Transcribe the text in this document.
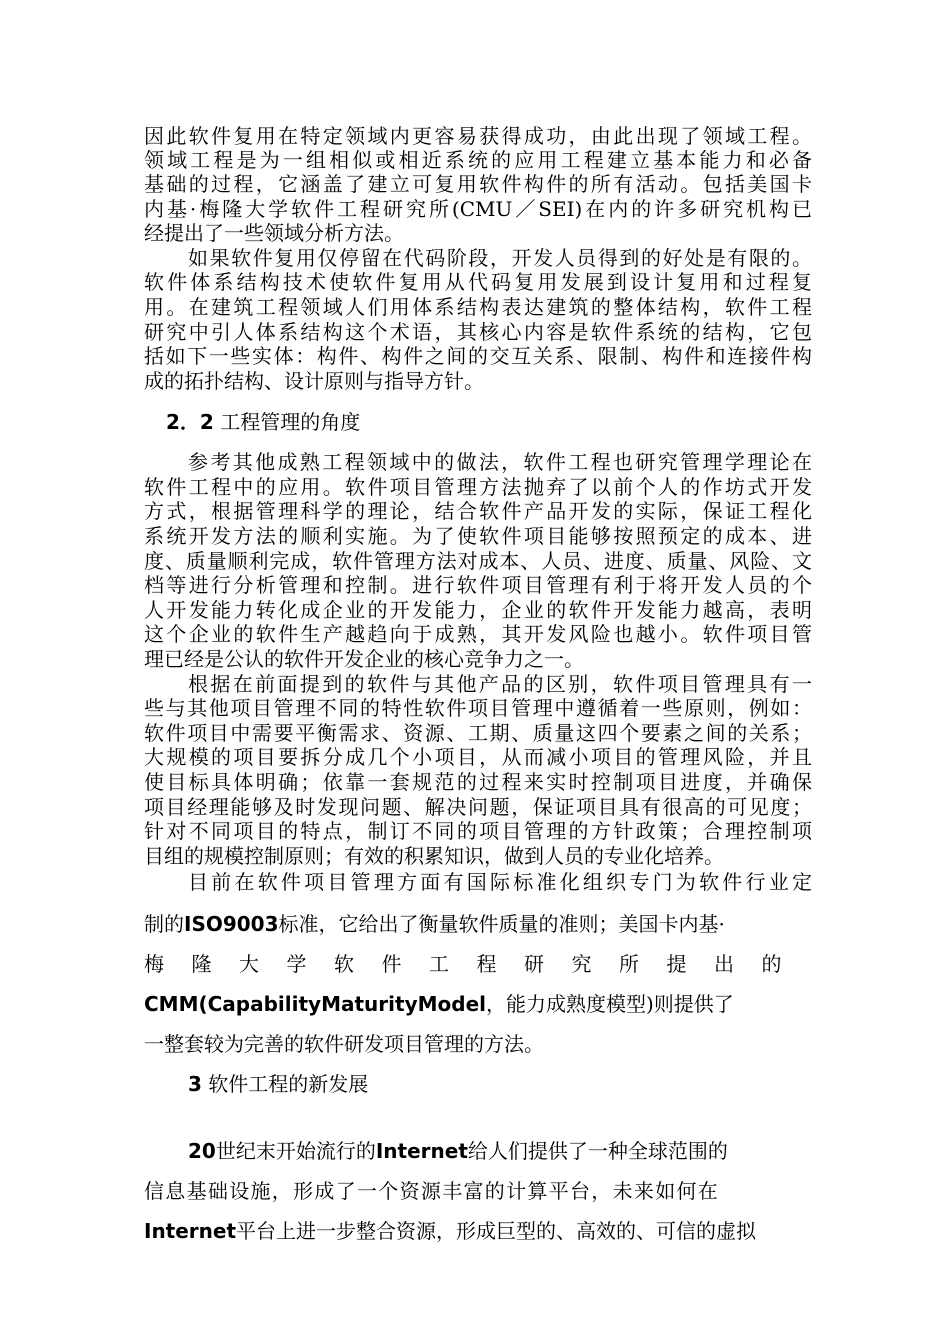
因此软件复用在特定领域内更容易获得成功，由此出现了领域工程。
领域工程是为一组相似或相近系统的应用工程建立基本能力和必备
基础的过程，它涵盖了建立可复用软件构件的所有活动。包括美国卡
内基·梅隆大学软件工程研究所(CMU／SEI)在内的许多研究机构已
经提出了一些领域分析方法。
如果软件复用仅停留在代码阶段，开发人员得到的好处是有限的。
软件体系结构技术使软件复用从代码复用发展到设计复用和过程复
用。在建筑工程领域人们用体系结构表达建筑的整体结构，软件工程
研究中引人体系结构这个术语，其核心内容是软件系统的结构，它包
括如下一些实体：构件、构件之间的交互关系、限制、构件和连接件构
成的拓扑结构、设计原则与指导方针。
2．2 工程管理的角度
参考其他成熟工程领域中的做法，软件工程也研究管理学理论在
软件工程中的应用。软件项目管理方法抛弃了以前个人的作坊式开发
方式，根据管理科学的理论，结合软件产品开发的实际，保证工程化
系统开发方法的顺利实施。为了使软件项目能够按照预定的成本、进
度、质量顺利完成，软件管理方法对成本、人员、进度、质量、风险、文
档等进行分析管理和控制。进行软件项目管理有利于将开发人员的个
人开发能力转化成企业的开发能力，企业的软件开发能力越高，表明
这个企业的软件生产越趋向于成熟，其开发风险也越小。软件项目管
理已经是公认的软件开发企业的核心竞争力之一。
根据在前面提到的软件与其他产品的区别，软件项目管理具有一
些与其他项目管理不同的特性软件项目管理中遵循着一些原则，例如：
软件项目中需要平衡需求、资源、工期、质量这四个要素之间的关系；
大规模的项目要拆分成几个小项目，从而减小项目的管理风险，并且
使目标具体明确；依靠一套规范的过程来实时控制项目进度，并确保
项目经理能够及时发现问题、解决问题，保证项目具有很高的可见度；
针对不同项目的特点，制订不同的项目管理的方针政策；合理控制项
目组的规模控制原则；有效的积累知识，做到人员的专业化培养。
目前在软件项目管理方面有国际标准化组织专门为软件行业定
制的ISO9003标准，它给出了衡量软件质量的准则；美国卡内基·
梅隆大学软件工程研究所提出的
CMM(CapabilityMaturityModel，能力成熟度模型)则提供了
一整套较为完善的软件研发项目管理的方法。
3 软件工程的新发展
20世纪末开始流行的Internet给人们提供了一种全球范围的
信息基础设施，形成了一个资源丰富的计算平台，未来如何在
Internet平台上进一步整合资源，形成巨型的、高效的、可信的虚拟
